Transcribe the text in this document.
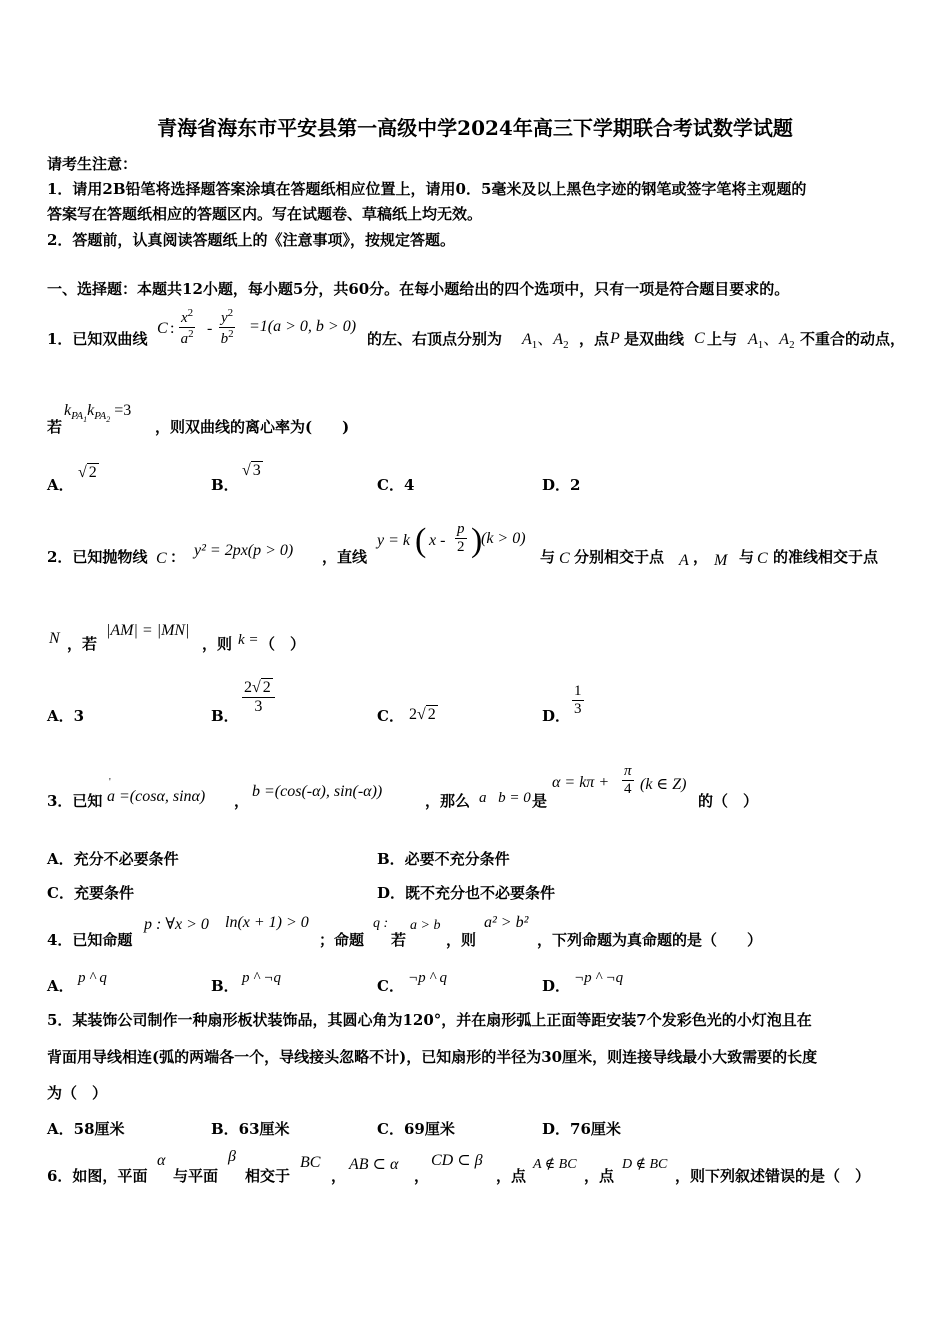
青海省海东市平安县第一高级中学2024年高三下学期联合考试数学试题
请考生注意：
1．请用2B铅笔将选择题答案涂填在答题纸相应位置上，请用0．5毫米及以上黑色字迹的钢笔或签字笔将主观题的
答案写在答题纸相应的答题区内。写在试题卷、草稿纸上均无效。
2．答题前，认真阅读答题纸上的《注意事项》，按规定答题。
一、选择题：本题共12小题，每小题5分，共60分。在每小题给出的四个选项中，只有一项是符合题目要求的。
1．已知双曲线
C : $\frac{x^2}{a^2} - \frac{y^2}{b^2} =1(a > 0$, b > 0)
的左、右顶点分别为 $A_1$、$A_2$ ，点 P 是双曲线 C 上与 $A_1$、$A_2$ 不重合的动点，
若
$k_{PA_1}k_{PA_2}=3$
，则双曲线的离心率为(　　)
A．
√ 2
B．
√ 3
C．4	D．2
2．已知抛物线 C ： y² = 2px(p > 0) ，直线
y = k ( x - $\frac{p}{2}$ )
(k > 0)
与 C 分别相交于点 A ， M 与 C 的准线相交于点
N ，若
|AM| = |MN|
，则 k = （　）
A．3	B．
$\frac{2√ 2}{3}$
C． 2√ 2	D． $\frac{1}{3}$
3．已知
'
a =(cosα, sinα) ，
b =(cos(-α), sin(-α))
，那么 a⃞b = 0 是
$\alpha = k\pi + \frac{\pi}{4} (k$ ∈ Z)
的（　）
A．充分不必要条件	B．必要不充分条件
C．充要条件	D．既不充分也不必要条件
4．已知命题
p : ∀x > 0 ln(x + 1) > 0
；命题
q :
若
a > b
，则
a² > b²
，下列命题为真命题的是（　　）
A． p ^ q	B． p ^ ¬q	C． ¬p ^ q	D． ¬p ^ ¬q
5．某装饰公司制作一种扇形板状装饰品，其圆心角为120°，并在扇形弧上正面等距安装7个发彩色光的小灯泡且在
背面用导线相连(弧的两端各一个，导线接头忽略不计)，已知扇形的半径为30厘米，则连接导线最小大致需要的长度
为（　）
A．58厘米	B．63厘米	C．69厘米	D．76厘米
6．如图，平面
α
与平面
β
相交于
BC
，
AB ⊂ α
，
CD ⊂ β
，点
A ∉ BC
，点
D ∉ BC
，则下列叙述错误的是（　）
